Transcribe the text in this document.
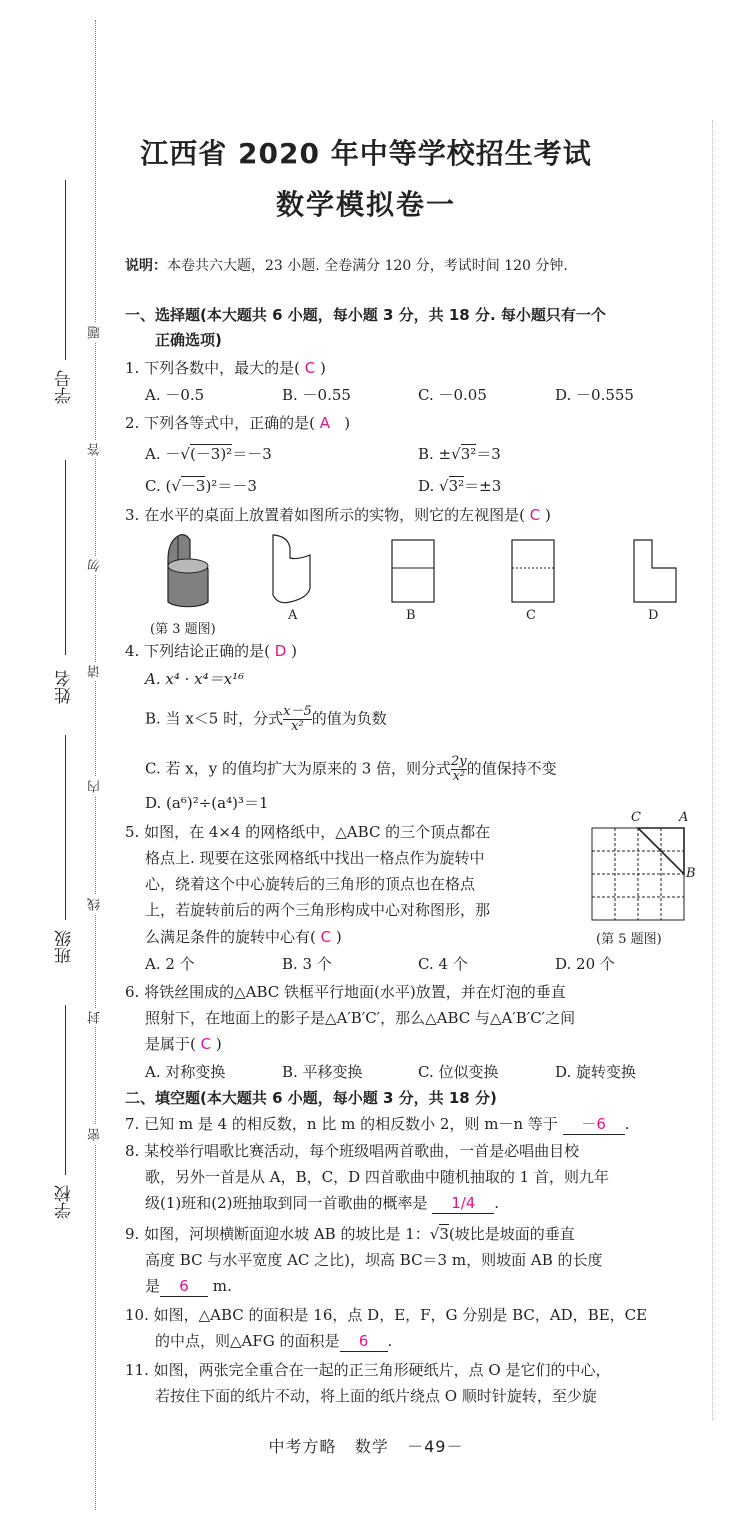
学号
姓名
班级
学校
题
答
勿
请
内
线
封
密
江西省 2020 年中等学校招生考试
数学模拟卷一
说明：本卷共六大题，23 小题. 全卷满分 120 分，考试时间 120 分钟.
一、选择题(本大题共 6 小题，每小题 3 分，共 18 分. 每小题只有一个
正确选项)
1. 下列各数中，最大的是( C )
A. －0.5	B. －0.55	C. －0.05	D. －0.555
2. 下列各等式中，正确的是( A )
A. －√(－3)²＝－3	B. ±√3²＝3
C. (√－3)²＝－3	D. √3²＝±3
3. 在水平的桌面上放置着如图所示的实物，则它的左视图是( C )
(第 3 题图)
A	B	C	D
4. 下列结论正确的是( D )
A. x⁴ · x⁴＝x¹⁶
B. 当 x＜5 时，分式 $\frac{x-5}{\text{x²}}$ 的值为负数
C. 若 x，y 的值均扩大为原来的 3 倍，则分式 $\frac{2y}{\text{x²}}$ 的值保持不变
D. (a⁶)²÷(a⁴)³＝1
5. 如图，在 4×4 的网格纸中，△ABC 的三个顶点都在
格点上. 现要在这张网格纸中找出一格点作为旋转中
心，绕着这个中心旋转后的三角形的顶点也在格点
上，若旋转前后的两个三角形构成中心对称图形，那
么满足条件的旋转中心有( C )
A. 2 个	B. 3 个	C. 4 个	D. 20 个
C	A
B
(第 5 题图)
6. 将铁丝围成的△ABC 铁框平行地面(水平)放置，并在灯泡的垂直
照射下，在地面上的影子是△A′B′C′，那么△ABC 与△A′B′C′之间
是属于( C )
A. 对称变换	B. 平移变换	C. 位似变换	D. 旋转变换
二、填空题(本大题共 6 小题，每小题 3 分，共 18 分)
7. 已知 m 是 4 的相反数，n 比 m 的相反数小 2，则 m－n 等于 －6 .
8. 某校举行唱歌比赛活动，每个班级唱两首歌曲，一首是必唱曲目校
歌，另外一首是从 A，B，C，D 四首歌曲中随机抽取的 1 首，则九年
级(1)班和(2)班抽取到同一首歌曲的概率是 1/4 .
9. 如图，河坝横断面迎水坡 AB 的坡比是 1：√3(坡比是坡面的垂直
高度 BC 与水平宽度 AC 之比)，坝高 BC＝3 m，则坡面 AB 的长度
是 6 m.
10. 如图，△ABC 的面积是 16，点 D，E，F，G 分别是 BC，AD，BE，CE
的中点，则△AFG 的面积是 6 .
11. 如图，两张完全重合在一起的正三角形硬纸片，点 O 是它们的中心，
若按住下面的纸片不动，将上面的纸片绕点 O 顺时针旋转，至少旋
中考方略 数学 －49－
